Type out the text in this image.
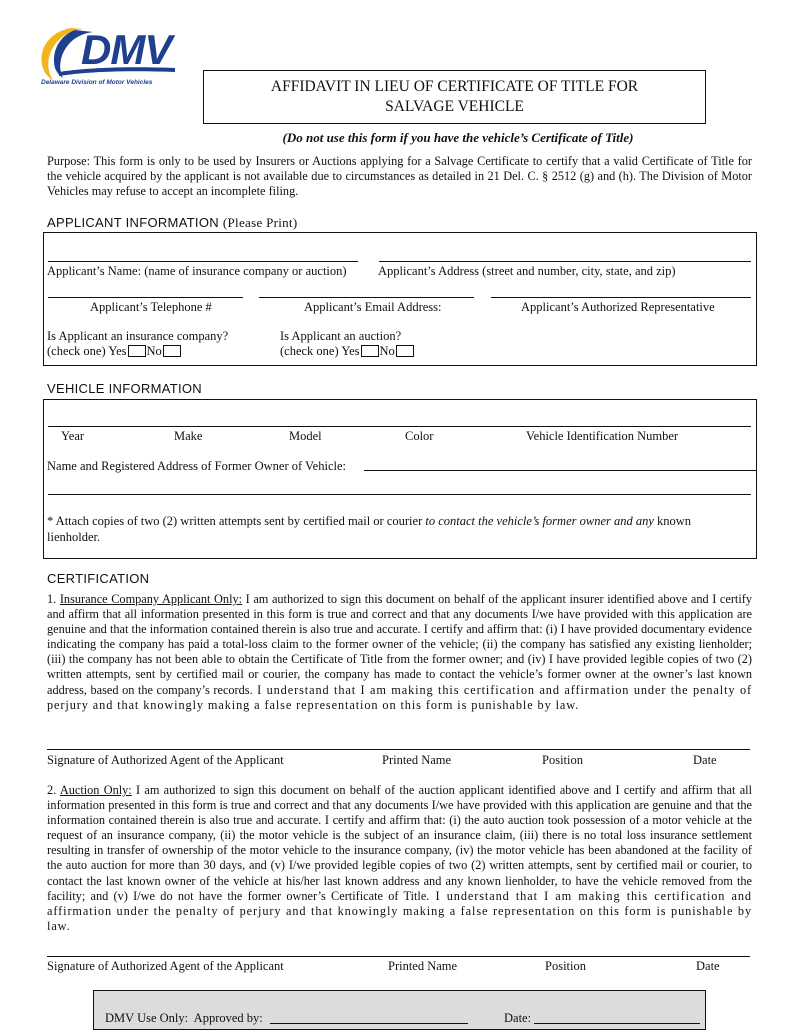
DMV
Delaware Division of Motor Vehicles	AFFIDAVIT IN LIEU OF CERTIFICATE OF TITLE FOR
SALVAGE VEHICLE
(Do not use this form if you have the vehicle’s Certificate of Title)

Purpose: This form is only to be used by Insurers or Auctions applying for a Salvage Certificate to certify that a valid Certificate of Title for the vehicle acquired by the applicant is not available due to circumstances as detailed in 21 Del. C. § 2512 (g) and (h). The Division of Motor Vehicles may refuse to accept an incomplete filing.

APPLICANT INFORMATION (Please Print)
Applicant’s Name: (name of insurance company or auction)	Applicant’s Address (street and number, city, state, and zip)
Applicant’s Telephone #	Applicant’s Email Address:	Applicant’s Authorized Representative
Is Applicant an insurance company?
(check one) Yes No
Is Applicant an auction?
(check one) Yes No
VEHICLE INFORMATION
Year	Make	Model	Color	Vehicle Identification Number
Name and Registered Address of Former Owner of Vehicle:
* Attach copies of two (2) written attempts sent by certified mail or courier to contact the vehicle’s former owner and any known lienholder.
CERTIFICATION

1. Insurance Company Applicant Only: I am authorized to sign this document on behalf of the applicant insurer identified above and I certify and affirm that all information presented in this form is true and correct and that any documents I/we have provided with this application are genuine and that the information contained therein is also true and accurate. I certify and affirm that: (i) I have provided documentary evidence indicating the company has paid a total-loss claim to the former owner of the vehicle; (ii) the company has satisfied any existing lienholder; (iii) the company has not been able to obtain the Certificate of Title from the former owner; and (iv) I have provided legible copies of two (2) written attempts, sent by certified mail or courier, the company has made to contact the vehicle’s former owner at the owner’s last known address, based on the company’s records. I understand that I am making this certification and affirmation under the penalty of perjury and that knowingly making a false representation on this form is punishable by law.

Signature of Authorized Agent of the Applicant	Printed Name	Position	Date

2. Auction Only: I am authorized to sign this document on behalf of the auction applicant identified above and I certify and affirm that all information presented in this form is true and correct and that any documents I/we have provided with this application are genuine and that the information contained therein is also true and accurate. I certify and affirm that: (i) the auto auction took possession of a motor vehicle at the request of an insurance company, (ii) the motor vehicle is the subject of an insurance claim, (iii) there is no total loss insurance settlement resulting in transfer of ownership of the motor vehicle to the insurance company, (iv) the motor vehicle has been abandoned at the facility of the auto auction for more than 30 days, and (v) I/we provided legible copies of two (2) written attempts, sent by certified mail or courier, to contact the last known owner of the vehicle at his/her last known address and any known lienholder, to have the vehicle removed from the facility; and (v) I/we do not have the former owner’s Certificate of Title. I understand that I am making this certification and affirmation under the penalty of perjury and that knowingly making a false representation on this form is punishable by law.

Signature of Authorized Agent of the Applicant	Printed Name	Position	Date
DMV Use Only: Approved by:	Date:
